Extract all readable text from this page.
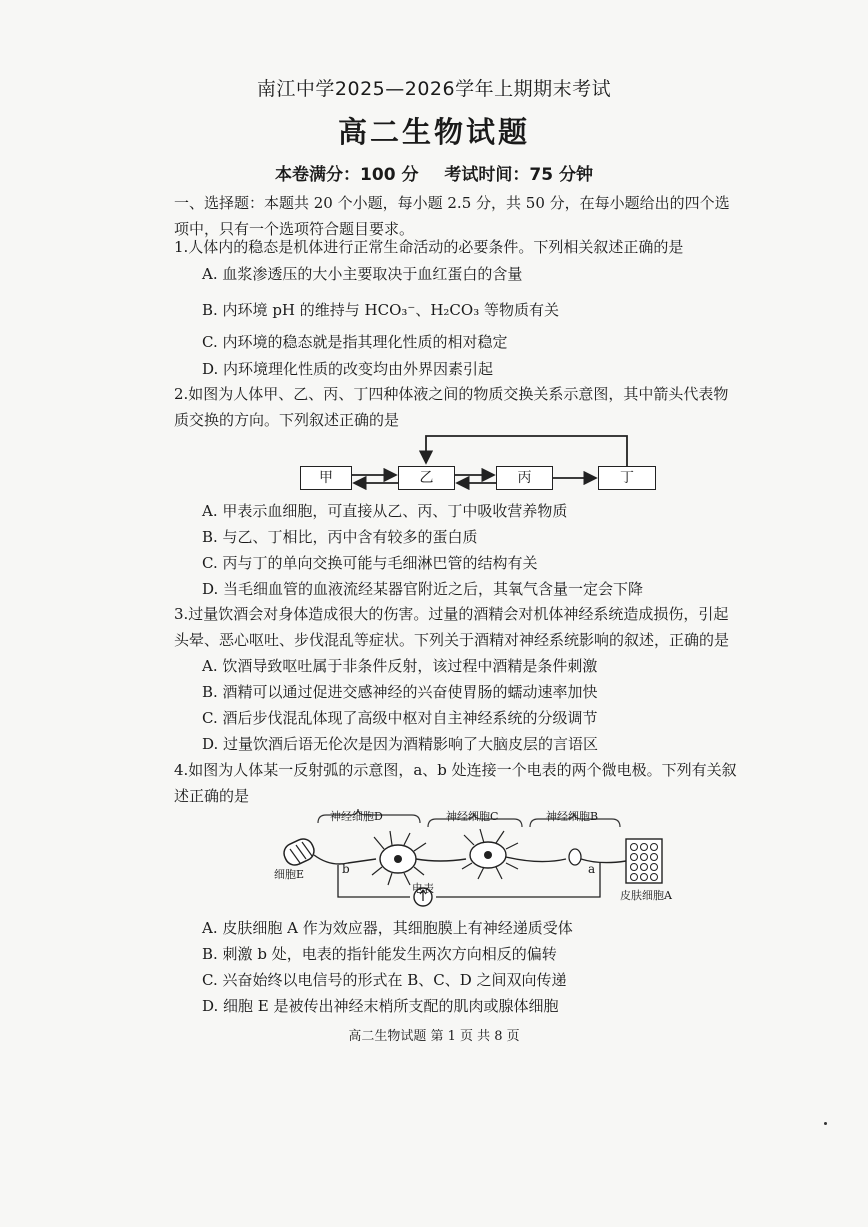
南江中学2025—2026学年上期期末考试
高二生物试题
本卷满分：100 分 考试时间：75 分钟
一、选择题：本题共 20 个小题，每小题 2.5 分，共 50 分，在每小题给出的四个选
项中，只有一个选项符合题目要求。
1.人体内的稳态是机体进行正常生命活动的必要条件。下列相关叙述正确的是
A. 血浆渗透压的大小主要取决于血红蛋白的含量
B. 内环境 pH 的维持与 HCO₃⁻、H₂CO₃ 等物质有关
C. 内环境的稳态就是指其理化性质的相对稳定
D. 内环境理化性质的改变均由外界因素引起
2.如图为人体甲、乙、丙、丁四种体液之间的物质交换关系示意图，其中箭头代表物
质交换的方向。下列叙述正确的是
甲	乙	丙	丁
A. 甲表示血细胞，可直接从乙、丙、丁中吸收营养物质
B. 与乙、丁相比，丙中含有较多的蛋白质
C. 丙与丁的单向交换可能与毛细淋巴管的结构有关
D. 当毛细血管的血液流经某器官附近之后，其氧气含量一定会下降
3.过量饮酒会对身体造成很大的伤害。过量的酒精会对机体神经系统造成损伤，引起
头晕、恶心呕吐、步伐混乱等症状。下列关于酒精对神经系统影响的叙述，正确的是
A. 饮酒导致呕吐属于非条件反射，该过程中酒精是条件刺激
B. 酒精可以通过促进交感神经的兴奋使胃肠的蠕动速率加快
C. 酒后步伐混乱体现了高级中枢对自主神经系统的分级调节
D. 过量饮酒后语无伦次是因为酒精影响了大脑皮层的言语区
4.如图为人体某一反射弧的示意图，a、b 处连接一个电表的两个微电极。下列有关叙
述正确的是
神经细胞D	神经细胞C	神经细胞B
细胞E	b	a
电表
皮肤细胞A
A. 皮肤细胞 A 作为效应器，其细胞膜上有神经递质受体
B. 刺激 b 处，电表的指针能发生两次方向相反的偏转
C. 兴奋始终以电信号的形式在 B、C、D 之间双向传递
D. 细胞 E 是被传出神经末梢所支配的肌肉或腺体细胞
高二生物试题 第 1 页 共 8 页
